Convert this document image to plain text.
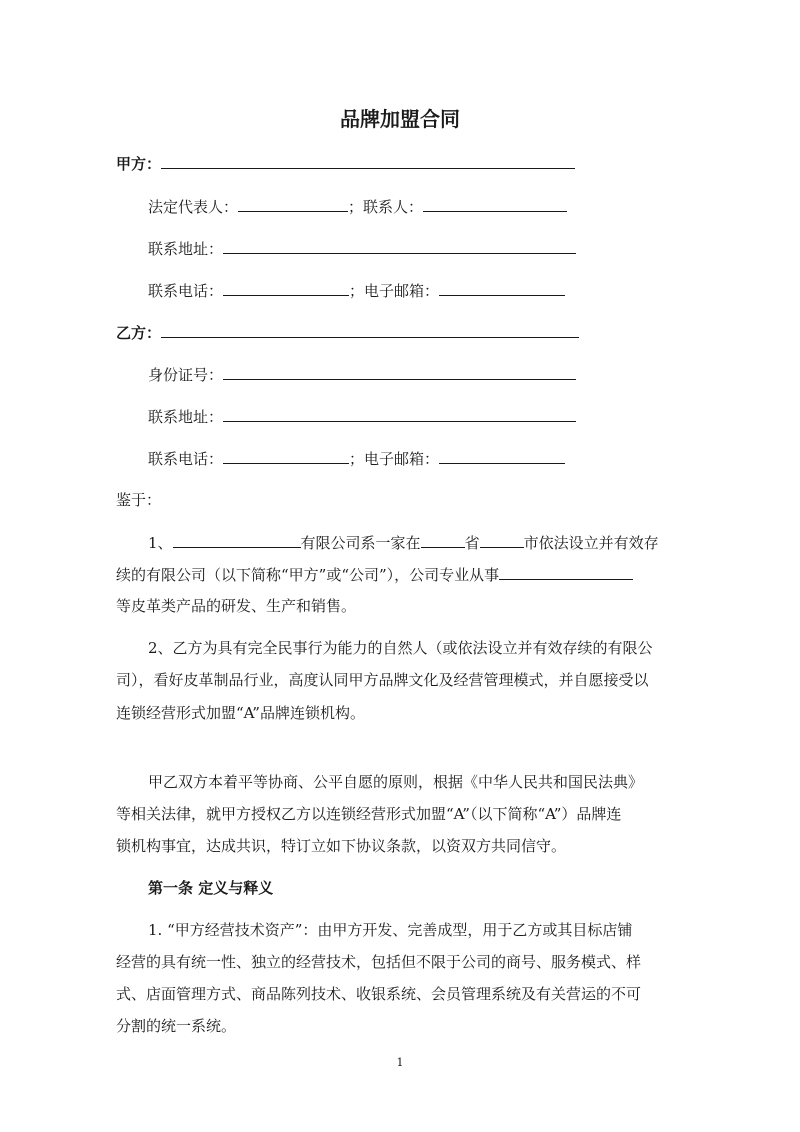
品牌加盟合同
甲方：
法定代表人：	；联系人：
联系地址：
联系电话：	；电子邮箱：
乙方：
身份证号：
联系地址：
联系电话：	；电子邮箱：
鉴于：
1、	有限公司系一家在	省	市依法设立并有效存
续的有限公司（以下简称“甲方”或“公司”），公司专业从事
等皮革类产品的研发、生产和销售。
2、乙方为具有完全民事行为能力的自然人（或依法设立并有效存续的有限公
司），看好皮革制品行业，高度认同甲方品牌文化及经营管理模式，并自愿接受以
连锁经营形式加盟“A”品牌连锁机构。
甲乙双方本着平等协商、公平自愿的原则，根据《中华人民共和国民法典》
等相关法律，就甲方授权乙方以连锁经营形式加盟“A”（以下简称“A”）品牌连
锁机构事宜，达成共识，特订立如下协议条款，以资双方共同信守。
第一条 定义与释义
1. “甲方经营技术资产”：由甲方开发、完善成型，用于乙方或其目标店铺
经营的具有统一性、独立的经营技术，包括但不限于公司的商号、服务模式、样
式、店面管理方式、商品陈列技术、收银系统、会员管理系统及有关营运的不可
分割的统一系统。
1
